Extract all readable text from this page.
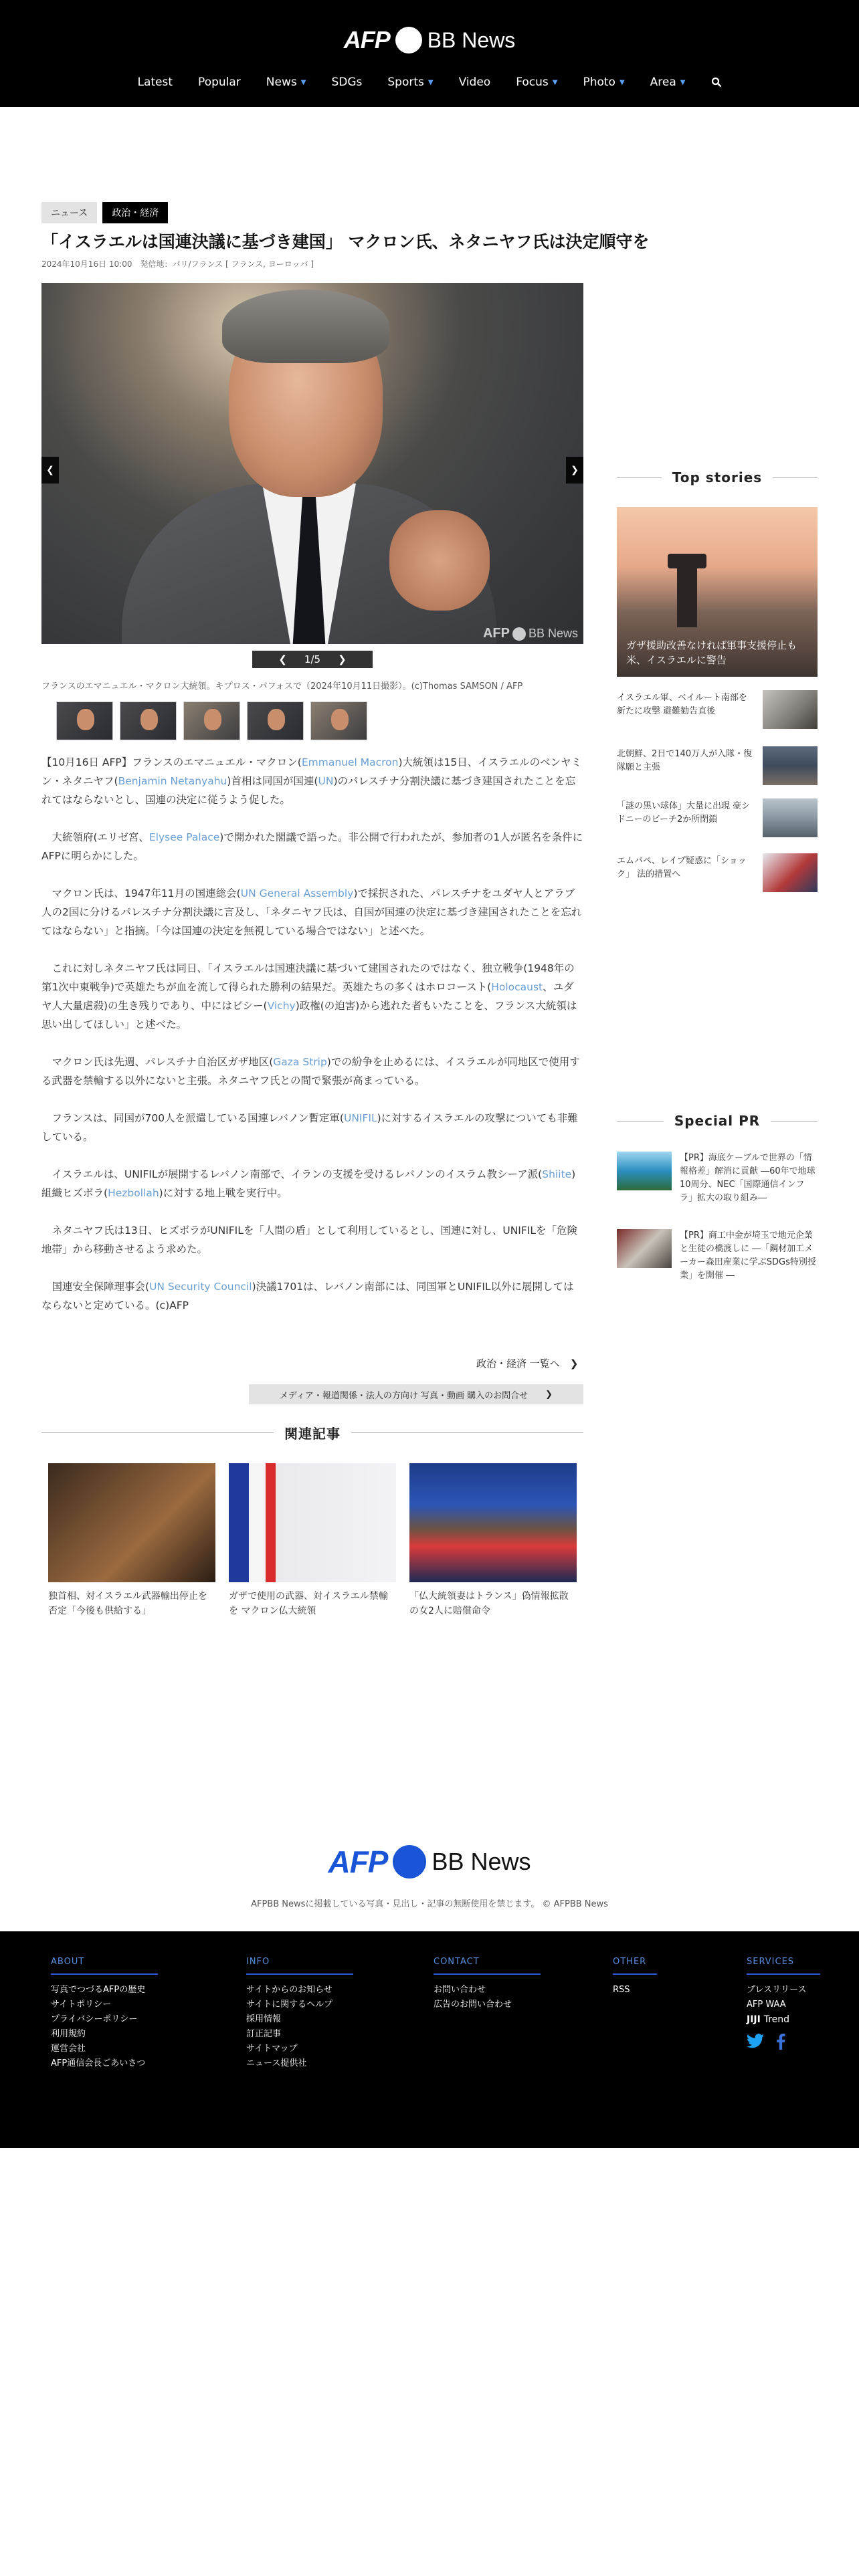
AFP BB News
Latest Popular News ▼ SDGs Sports ▼ Video Focus ▼ Photo ▼ Area ▼
ニュース	政治・経済
「イスラエルは国連決議に基づき建国」 マクロン氏、ネタニヤフ氏は決定順守を
2024年10月16日 10:00　発信地：パリ/フランス [ フランス, ヨーロッパ ]
AFP BB News
❮	❯
❮ 1/5 ❯
フランスのエマニュエル・マクロン大統領。キプロス・パフォスで（2024年10月11日撮影）。(c)Thomas SAMSON / AFP

【10月16日 AFP】フランスのエマニュエル・マクロン(Emmanuel Macron)大統領は15日、イスラエルのベンヤミン・ネタニヤフ(Benjamin Netanyahu)首相は同国が国連(UN)のパレスチナ分割決議に基づき建国されたことを忘れてはならないとし、国連の決定に従うよう促した。

大統領府(エリゼ宮、Elysee Palace)で開かれた閣議で語った。非公開で行われたが、参加者の1人が匿名を条件にAFPに明らかにした。

マクロン氏は、1947年11月の国連総会(UN General Assembly)で採択された、パレスチナをユダヤ人とアラブ人の2国に分けるパレスチナ分割決議に言及し、「ネタニヤフ氏は、自国が国連の決定に基づき建国されたことを忘れてはならない」と指摘。「今は国連の決定を無視している場合ではない」と述べた。

これに対しネタニヤフ氏は同日、「イスラエルは国連決議に基づいて建国されたのではなく、独立戦争(1948年の第1次中東戦争)で英雄たちが血を流して得られた勝利の結果だ。英雄たちの多くはホロコースト(Holocaust、ユダヤ人大量虐殺)の生き残りであり、中にはビシー(Vichy)政権(の迫害)から逃れた者もいたことを、フランス大統領は思い出してほしい」と述べた。

マクロン氏は先週、パレスチナ自治区ガザ地区(Gaza Strip)での紛争を止めるには、イスラエルが同地区で使用する武器を禁輸する以外にないと主張。ネタニヤフ氏との間で緊張が高まっている。

フランスは、同国が700人を派遣している国連レバノン暫定軍(UNIFIL)に対するイスラエルの攻撃についても非難している。

イスラエルは、UNIFILが展開するレバノン南部で、イランの支援を受けるレバノンのイスラム教シーア派(Shiite)組織ヒズボラ(Hezbollah)に対する地上戦を実行中。

ネタニヤフ氏は13日、ヒズボラがUNIFILを「人間の盾」として利用しているとし、国連に対し、UNIFILを「危険地帯」から移動させるよう求めた。

国連安全保障理事会(UN Security Council)決議1701は、レバノン南部には、同国軍とUNIFIL以外に展開してはならないと定めている。(c)AFP

政治・経済 一覧へ　 ❯
メディア・報道関係・法人の方向け 写真・動画 購入のお問合せ
　　 ❯
関連記事
独首相、対イスラエル武器輸出停止を否定「今後も供給する」
ガザで使用の武器、対イスラエル禁輸を マクロン仏大統領
「仏大統領妻はトランス」偽情報拡散の女2人に賠償命令
Top stories
ガザ援助改善なければ軍事支援停止も 米、イスラエルに警告
イスラエル軍、ベイルート南部を新たに攻撃 避難勧告直後
北朝鮮、2日で140万人が入隊・復隊願と主張
「謎の黒い球体」大量に出現 豪シドニーのビーチ2か所閉鎖
エムバペ、レイプ疑惑に「ショック」 法的措置へ
Special PR
【PR】海底ケーブルで世界の「情報格差」解消に貢献 ―60年で地球10周分、NEC「国際通信インフラ」拡大の取り組み―
【PR】商工中金が埼玉で地元企業と生徒の橋渡しに ―「鋼材加工メーカー森田産業に学ぶSDGs特別授業」を開催 ―
AFP BB News
AFPBB Newsに掲載している写真・見出し・記事の無断使用を禁じます。 © AFPBB News
ABOUT
写真でつづるAFPの歴史
サイトポリシー
プライバシーポリシー
利用規約
運営会社
AFP通信会長ごあいさつ
INFO
サイトからのお知らせ
サイトに関するヘルプ
採用情報
訂正記事
サイトマップ
ニュース提供社
CONTACT
お問い合わせ
広告のお問い合わせ
OTHER
RSS
SERVICES
プレスリリース
AFP WAA
JIJI Trend
